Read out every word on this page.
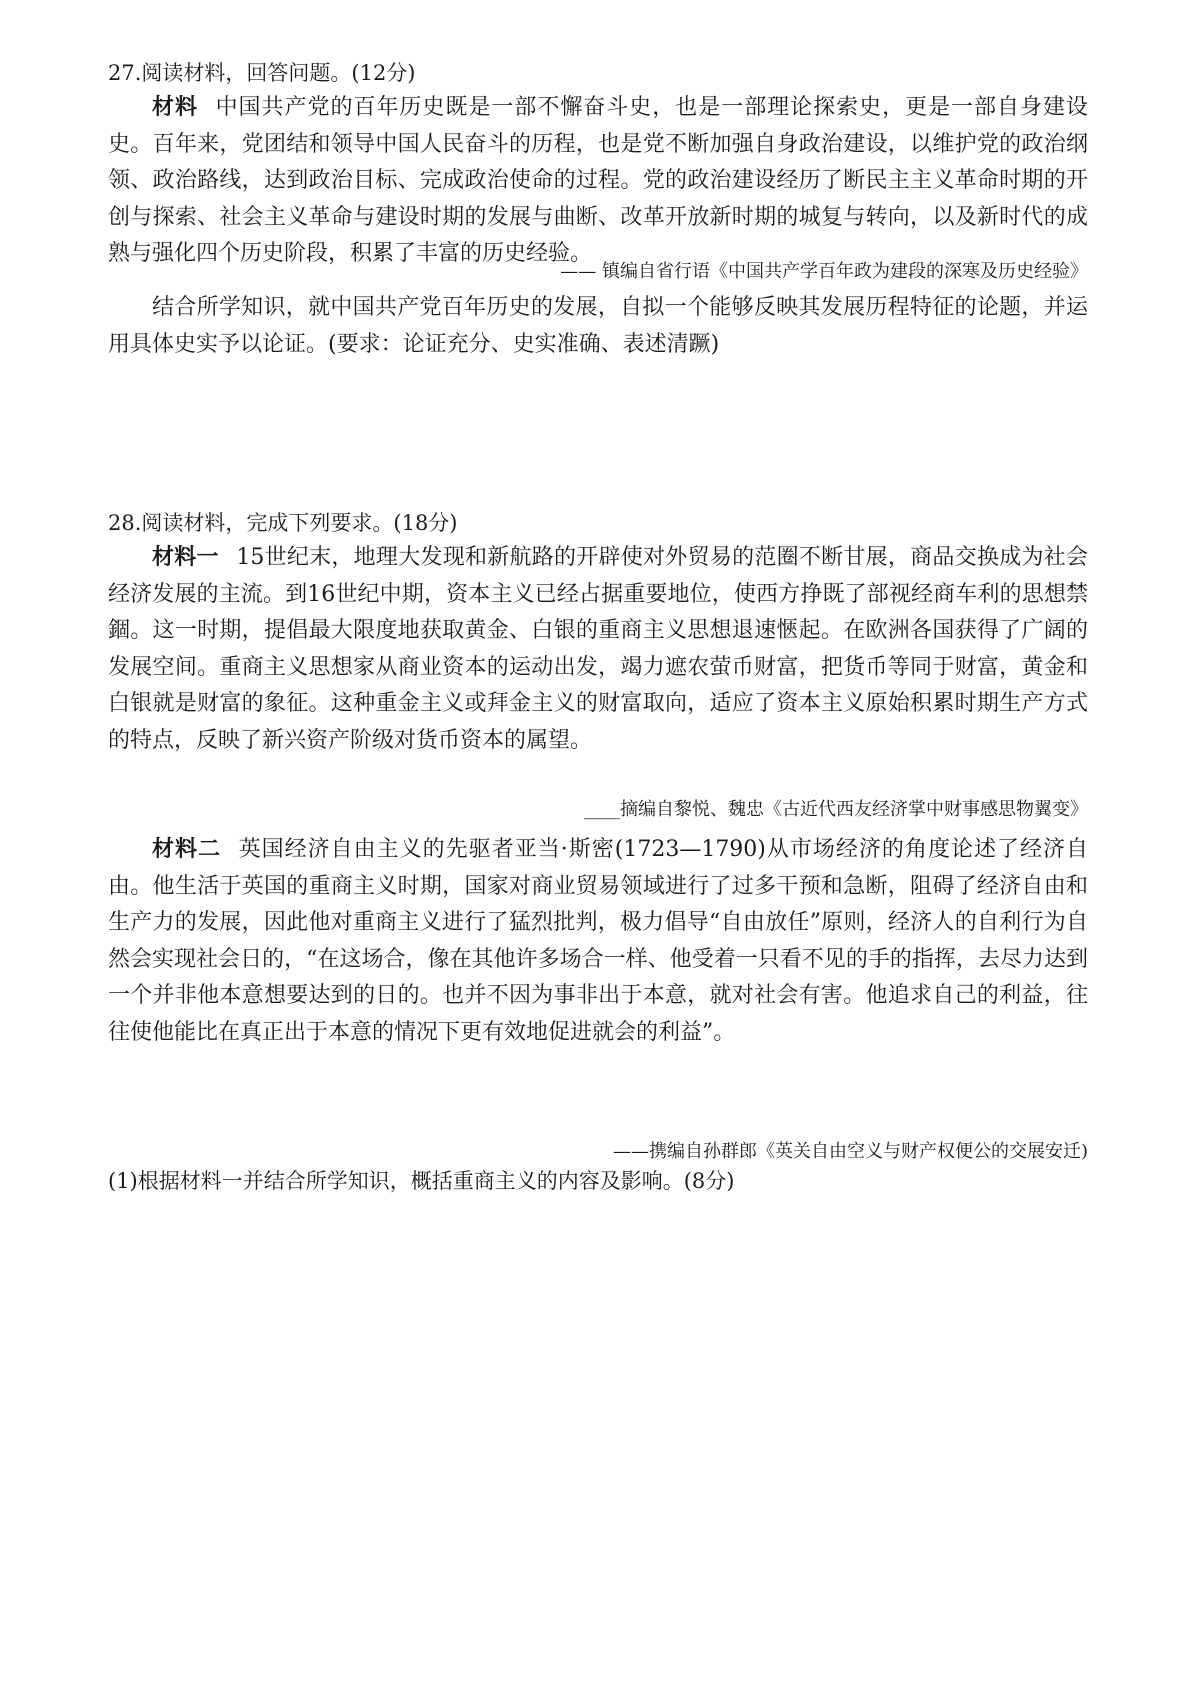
27.阅读材料，回答问题。(12分)

材料 中国共产党的百年历史既是一部不懈奋斗史，也是一部理论探索史，更是一部自身建设史。百年来，党团结和领导中国人民奋斗的历程，也是党不断加强自身政治建设，以维护党的政治纲领、政治路线，达到政治目标、完成政治使命的过程。党的政治建设经历了断民主主义革命时期的开创与探索、社会主义革命与建设时期的发展与曲断、改革开放新时期的城复与转向，以及新时代的成熟与强化四个历史阶段，积累了丰富的历史经验。

—— 镇编自省行语《中国共产学百年政为建段的深寒及历史经验》

结合所学知识，就中国共产党百年历史的发展，自拟一个能够反映其发展历程特征的论题，并运用具体史实予以论证。(要求：论证充分、史实准确、表述清蹶)

28.阅读材料，完成下列要求。(18分)

材料一 15世纪末，地理大发现和新航路的开辟使对外贸易的范圈不断甘展，商品交换成为社会经济发展的主流。到16世纪中期，资本主义已经占据重要地位，使西方挣既了部视经商车利的思想禁錮。这一时期，提倡最大限度地获取黄金、白银的重商主义思想退速愜起。在欧洲各国获得了广阔的发展空间。重商主义思想家从商业资本的运动出发，竭力遮农萤币财富，把货币等同于财富，黄金和白银就是财富的象征。这种重金主义或拜金主义的财富取向，适应了资本主义原始积累时期生产方式的特点，反映了新兴资产阶级对货币资本的属望。

____摘编自黎悦、魏忠《古近代西友经济掌中财事感思物翼变》

材料二 英国经济自由主义的先驱者亚当·斯密(1723—1790)从市场经济的角度论述了经济自由。他生活于英国的重商主义时期，国家对商业贸易领域进行了过多干预和急断，阻碍了经济自由和生产力的发展，因此他对重商主义进行了猛烈批判，极力倡导“自由放任”原则，经济人的自利行为自然会实现社会日的，“在这场合，像在其他许多场合一样、他受着一只看不见的手的指挥，去尽力达到一个并非他本意想要达到的日的。也并不因为事非出于本意，就对社会有害。他追求自己的利益，往往使他能比在真正出于本意的情况下更有效地促进就会的利益”。

——携编自孙群郎《英关自由空义与财产权便公的交展安迁)
(1)根据材料一并结合所学知识，概括重商主义的内容及影响。(8分)
